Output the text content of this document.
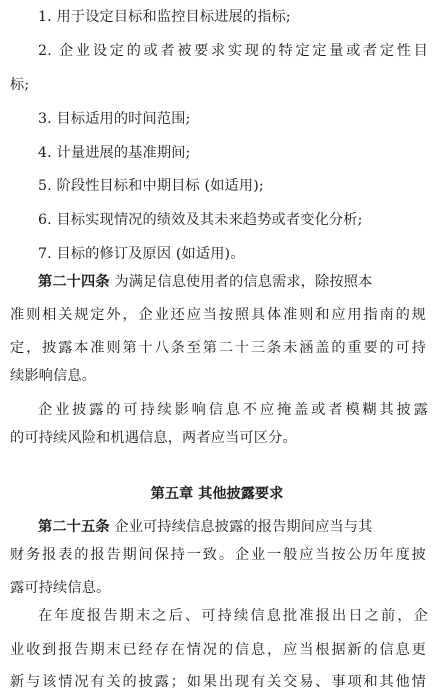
1. 用于设定目标和监控目标进展的指标;
2. 企业设定的或者被要求实现的特定定量或者定性目
标;
3. 目标适用的时间范围;
4. 计量进展的基准期间;
5. 阶段性目标和中期目标 (如适用);
6. 目标实现情况的绩效及其未来趋势或者变化分析;
7. 目标的修订及原因 (如适用)。
第二十四条 为满足信息使用者的信息需求，除按照本
准则相关规定外，企业还应当按照具体准则和应用指南的规
定，披露本准则第十八条至第二十三条未涵盖的重要的可持
续影响信息。
企业披露的可持续影响信息不应掩盖或者模糊其披露
的可持续风险和机遇信息，两者应当可区分。
第五章 其他披露要求
第二十五条 企业可持续信息披露的报告期间应当与其
财务报表的报告期间保持一致。企业一般应当按公历年度披
露可持续信息。
在年度报告期末之后、可持续信息批准报出日之前，企
业收到报告期末已经存在情况的信息，应当根据新的信息更
新与该情况有关的披露；如果出现有关交易、事项和其他情
